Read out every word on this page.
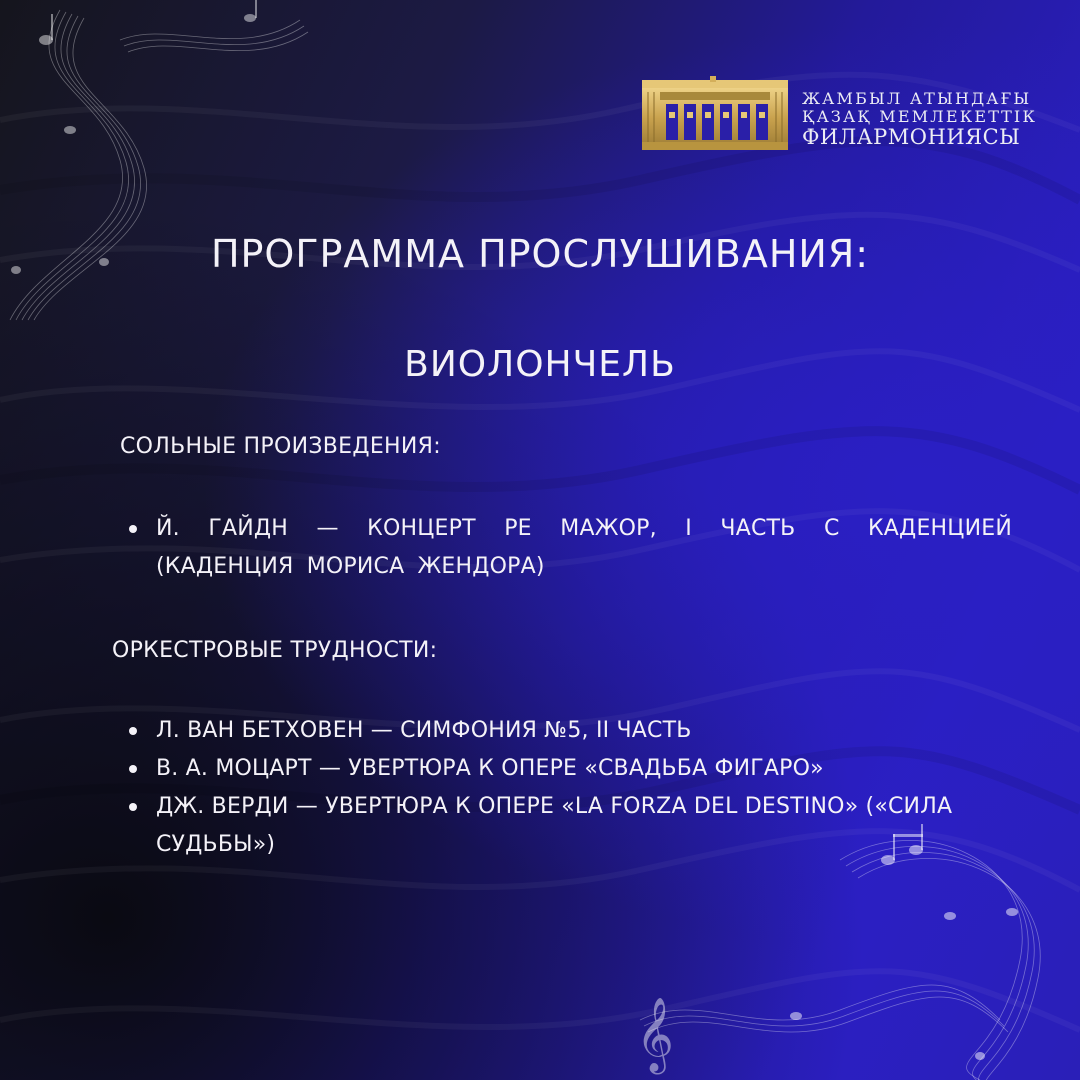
𝄞
ЖАМБЫЛ АТЫНДАҒЫ
ҚАЗАҚ МЕМЛЕКЕТТІК
ФИЛАРМОНИЯСЫ
ПРОГРАММА ПРОСЛУШИВАНИЯ:
ВИОЛОНЧЕЛЬ
СОЛЬНЫЕ ПРОИЗВЕДЕНИЯ:
Й. ГАЙДН — КОНЦЕРТ РЕ МАЖОР, I ЧАСТЬ С КАДЕНЦИЕЙ (КАДЕНЦИЯ МОРИСА ЖЕНДОРА)
ОРКЕСТРОВЫЕ ТРУДНОСТИ:
Л. ВАН БЕТХОВЕН — СИМФОНИЯ №5, II ЧАСТЬ
В. А. МОЦАРТ — УВЕРТЮРА К ОПЕРЕ «СВАДЬБА ФИГАРО»
ДЖ. ВЕРДИ — УВЕРТЮРА К ОПЕРЕ «LA FORZA DEL DESTINO» («СИЛА СУДЬБЫ»)
